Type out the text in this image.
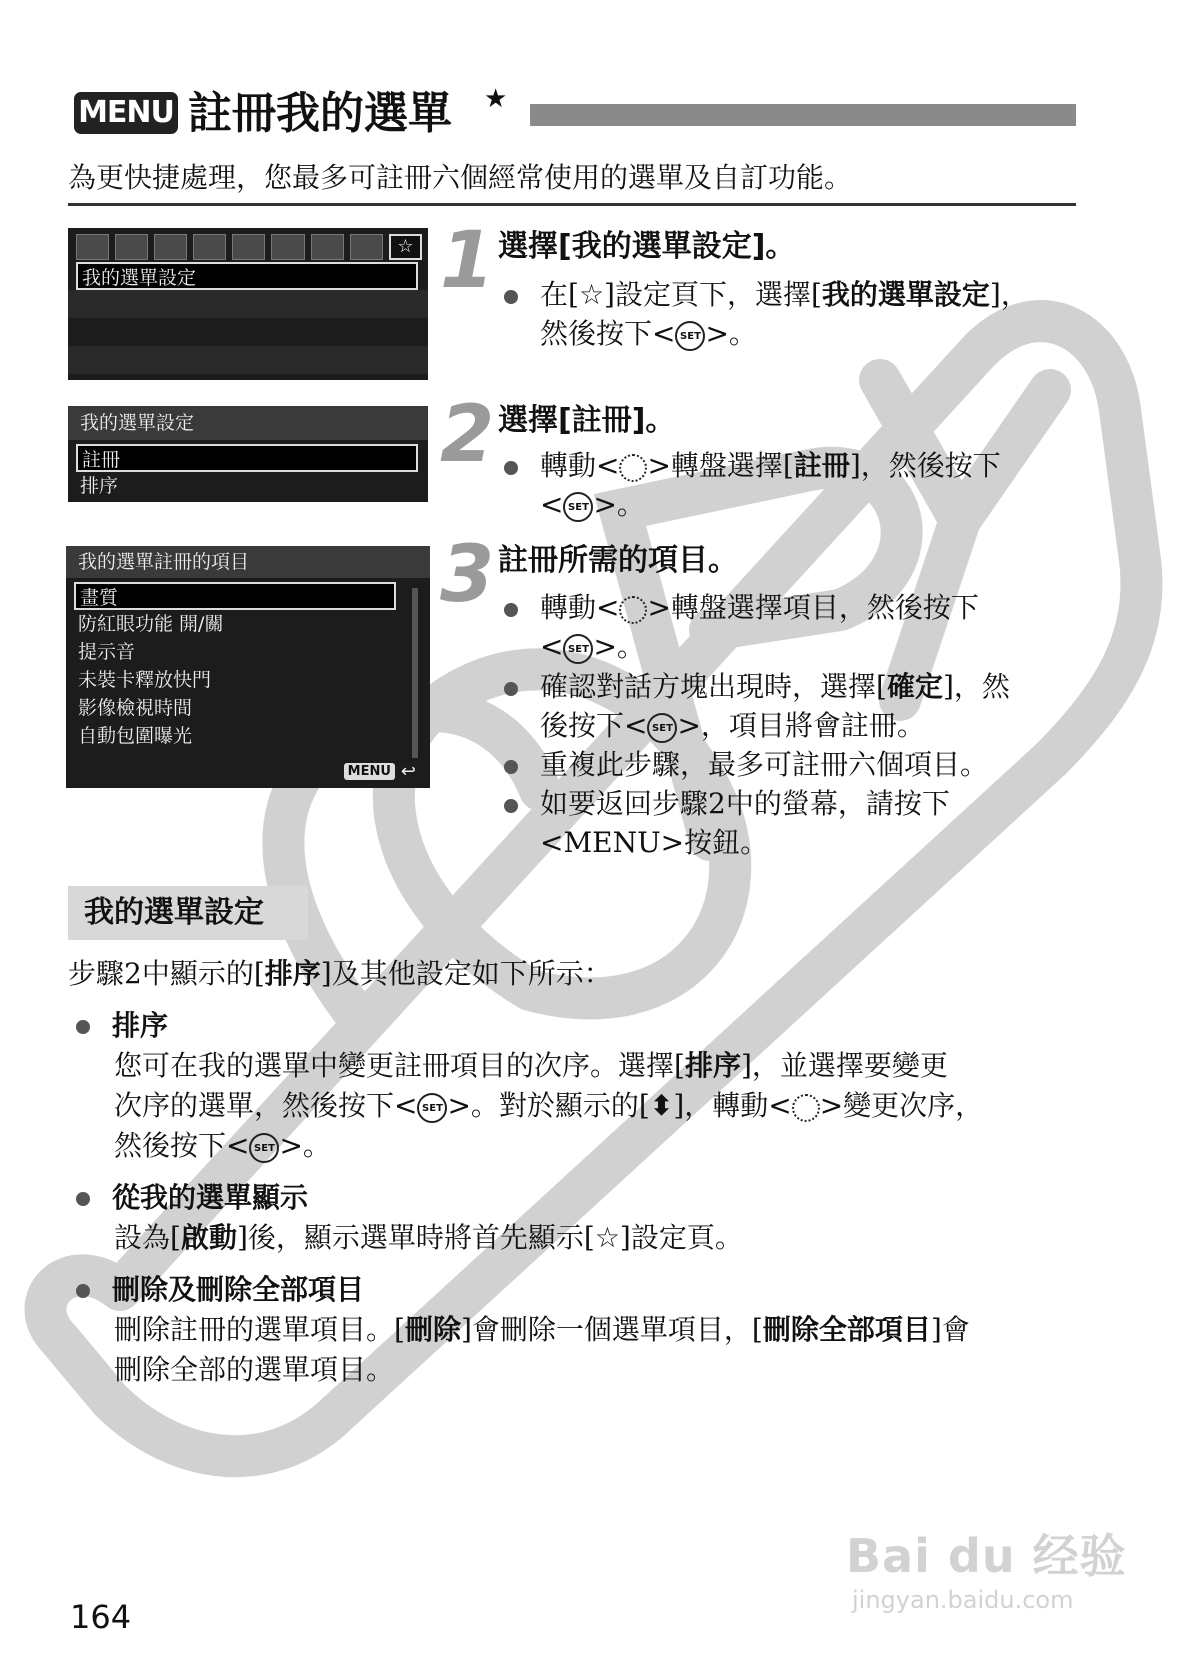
MENU 註冊我的選單 ★
為更快捷處理，您最多可註冊六個經常使用的選單及自訂功能。
☆
我的選單設定	1 選擇[我的選單設定]。
在[☆]設定頁下，選擇[我的選單設定]，
然後按下< SET >。
我的選單設定
註冊
排序
2 選擇[註冊]。
轉動< >轉盤選擇[註冊]，然後按下
< SET >。
我的選單註冊的項目
畫質
防紅眼功能 開/關
提示音
未裝卡釋放快門
影像檢視時間
自動包圍曝光
MENU ↩
3 註冊所需的項目。
轉動< >轉盤選擇項目，然後按下
< SET >。
確認對話方塊出現時，選擇[確定]，然
後按下< SET >，項目將會註冊。
重複此步驟，最多可註冊六個項目。
如要返回步驟2中的螢幕，請按下
<MENU>按鈕。
我的選單設定
步驟2中顯示的[排序]及其他設定如下所示：
排序
您可在我的選單中變更註冊項目的次序。選擇[排序]，並選擇要變更
次序的選單，然後按下< SET >。對於顯示的[⬍]，轉動< >變更次序，
然後按下< SET >。
從我的選單顯示
設為[啟動]後，顯示選單時將首先顯示[☆]設定頁。
刪除及刪除全部項目
刪除註冊的選單項目。[刪除]會刪除一個選單項目，[刪除全部項目]會
刪除全部的選單項目。
164
Bai du 经验
jingyan.baidu.com
